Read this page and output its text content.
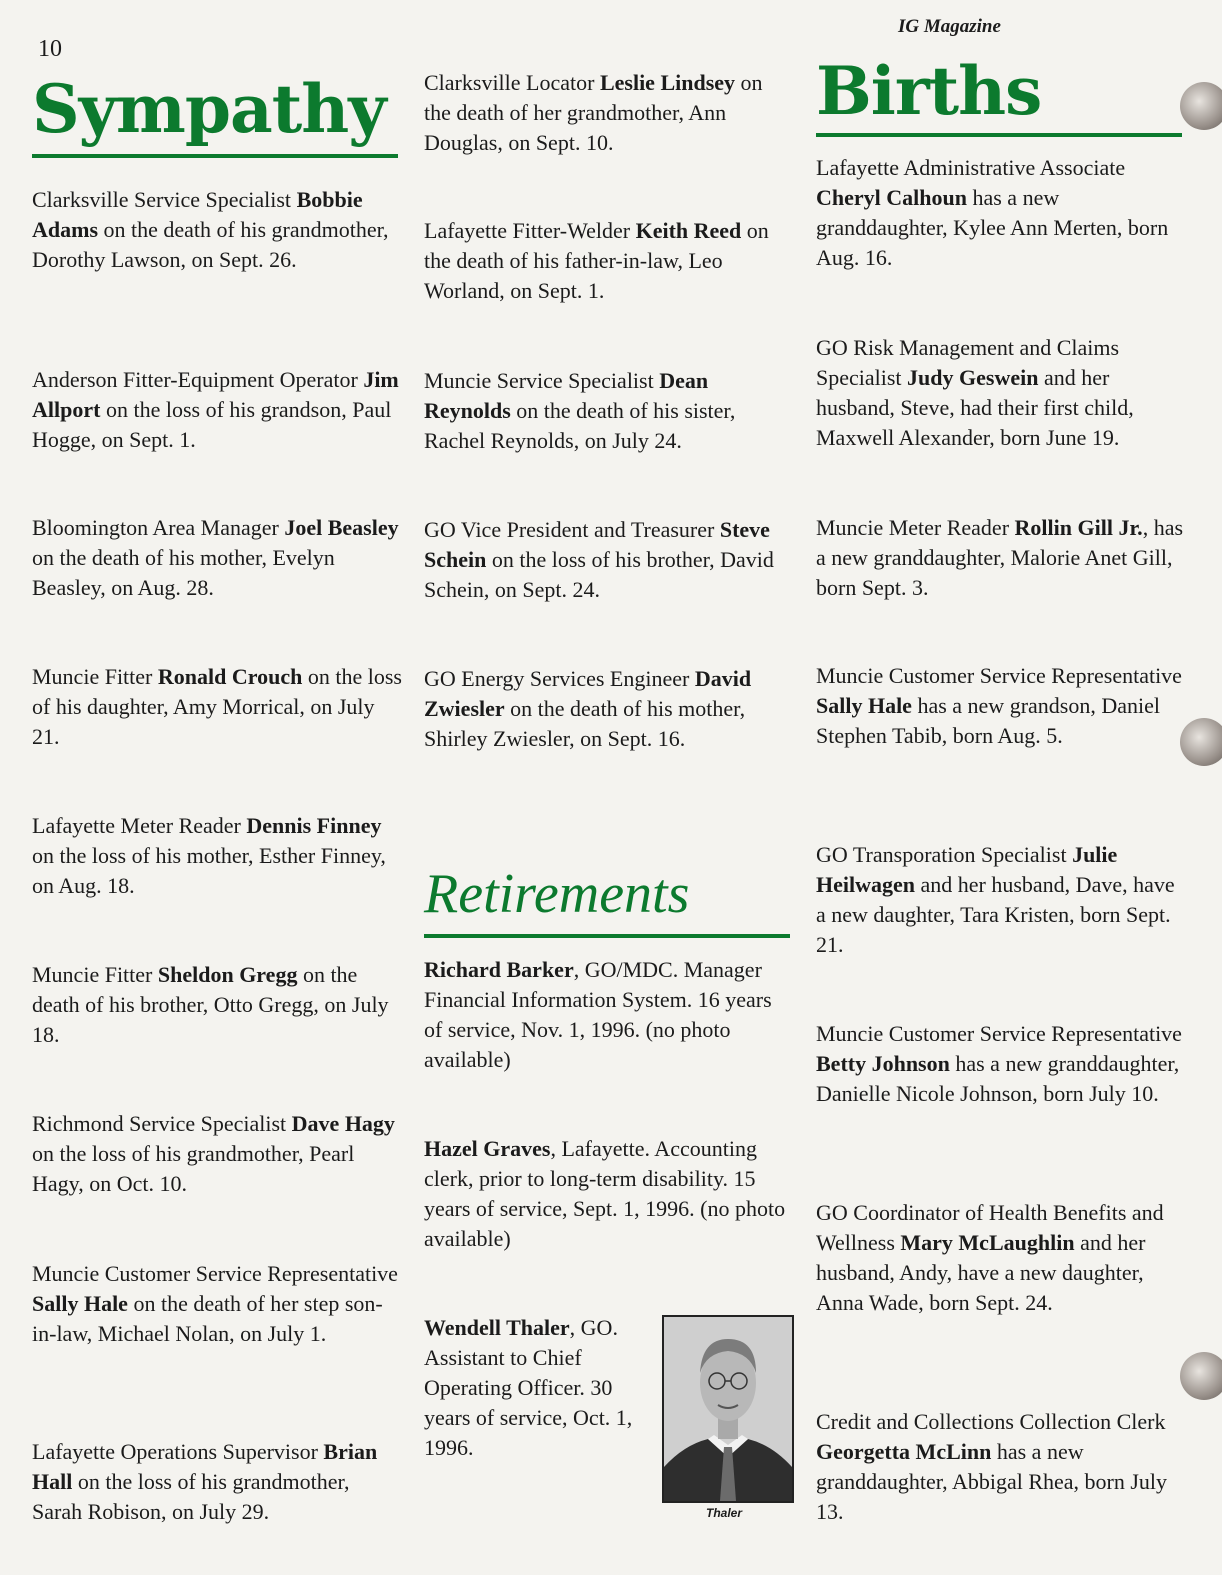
10
IG Magazine
Sympathy

Clarksville Service Specialist Bobbie Adams on the death of his grandmother, Dorothy Lawson, on Sept. 26.

Anderson Fitter-Equipment Operator Jim Allport on the loss of his grandson, Paul Hogge, on Sept. 1.

Bloomington Area Manager Joel Beasley on the death of his mother, Evelyn Beasley, on Aug. 28.

Muncie Fitter Ronald Crouch on the loss of his daughter, Amy Morrical, on July 21.

Lafayette Meter Reader Dennis Finney on the loss of his mother, Esther Finney, on Aug. 18.

Muncie Fitter Sheldon Gregg on the death of his brother, Otto Gregg, on July 18.

Richmond Service Specialist Dave Hagy on the loss of his grandmother, Pearl Hagy, on Oct. 10.

Muncie Customer Service Representative Sally Hale on the death of her step son-in-law, Michael Nolan, on July 1.

Lafayette Operations Supervisor Brian Hall on the loss of his grandmother, Sarah Robison, on July 29.

Clarksville Locator Leslie Lindsey on the death of her grandmother, Ann Douglas, on Sept. 10.

Lafayette Fitter-Welder Keith Reed on the death of his father-in-law, Leo Worland, on Sept. 1.

Muncie Service Specialist Dean Reynolds on the death of his sister, Rachel Reynolds, on July 24.

GO Vice President and Treasurer Steve Schein on the loss of his brother, David Schein, on Sept. 24.

GO Energy Services Engineer David Zwiesler on the death of his mother, Shirley Zwiesler, on Sept. 16.

Retirements

Richard Barker, GO/MDC. Manager Financial Information System. 16 years of service, Nov. 1, 1996. (no photo available)

Hazel Graves, Lafayette. Accounting clerk, prior to long-term disability. 15 years of service, Sept. 1, 1996. (no photo available)

Wendell Thaler, GO. Assistant to Chief Operating Officer. 30 years of service, Oct. 1, 1996.

Thaler
Births

Lafayette Administrative Associate Cheryl Calhoun has a new granddaughter, Kylee Ann Merten, born Aug. 16.

GO Risk Management and Claims Specialist Judy Geswein and her husband, Steve, had their first child, Maxwell Alexander, born June 19.

Muncie Meter Reader Rollin Gill Jr., has a new granddaughter, Malorie Anet Gill, born Sept. 3.

Muncie Customer Service Representative Sally Hale has a new grandson, Daniel Stephen Tabib, born Aug. 5.

GO Transporation Specialist Julie Heilwagen and her husband, Dave, have a new daughter, Tara Kristen, born Sept. 21.

Muncie Customer Service Representative Betty Johnson has a new granddaughter, Danielle Nicole Johnson, born July 10.

GO Coordinator of Health Benefits and Wellness Mary McLaughlin and her husband, Andy, have a new daughter, Anna Wade, born Sept. 24.

Credit and Collections Collection Clerk Georgetta McLinn has a new granddaughter, Abbigal Rhea, born July 13.
